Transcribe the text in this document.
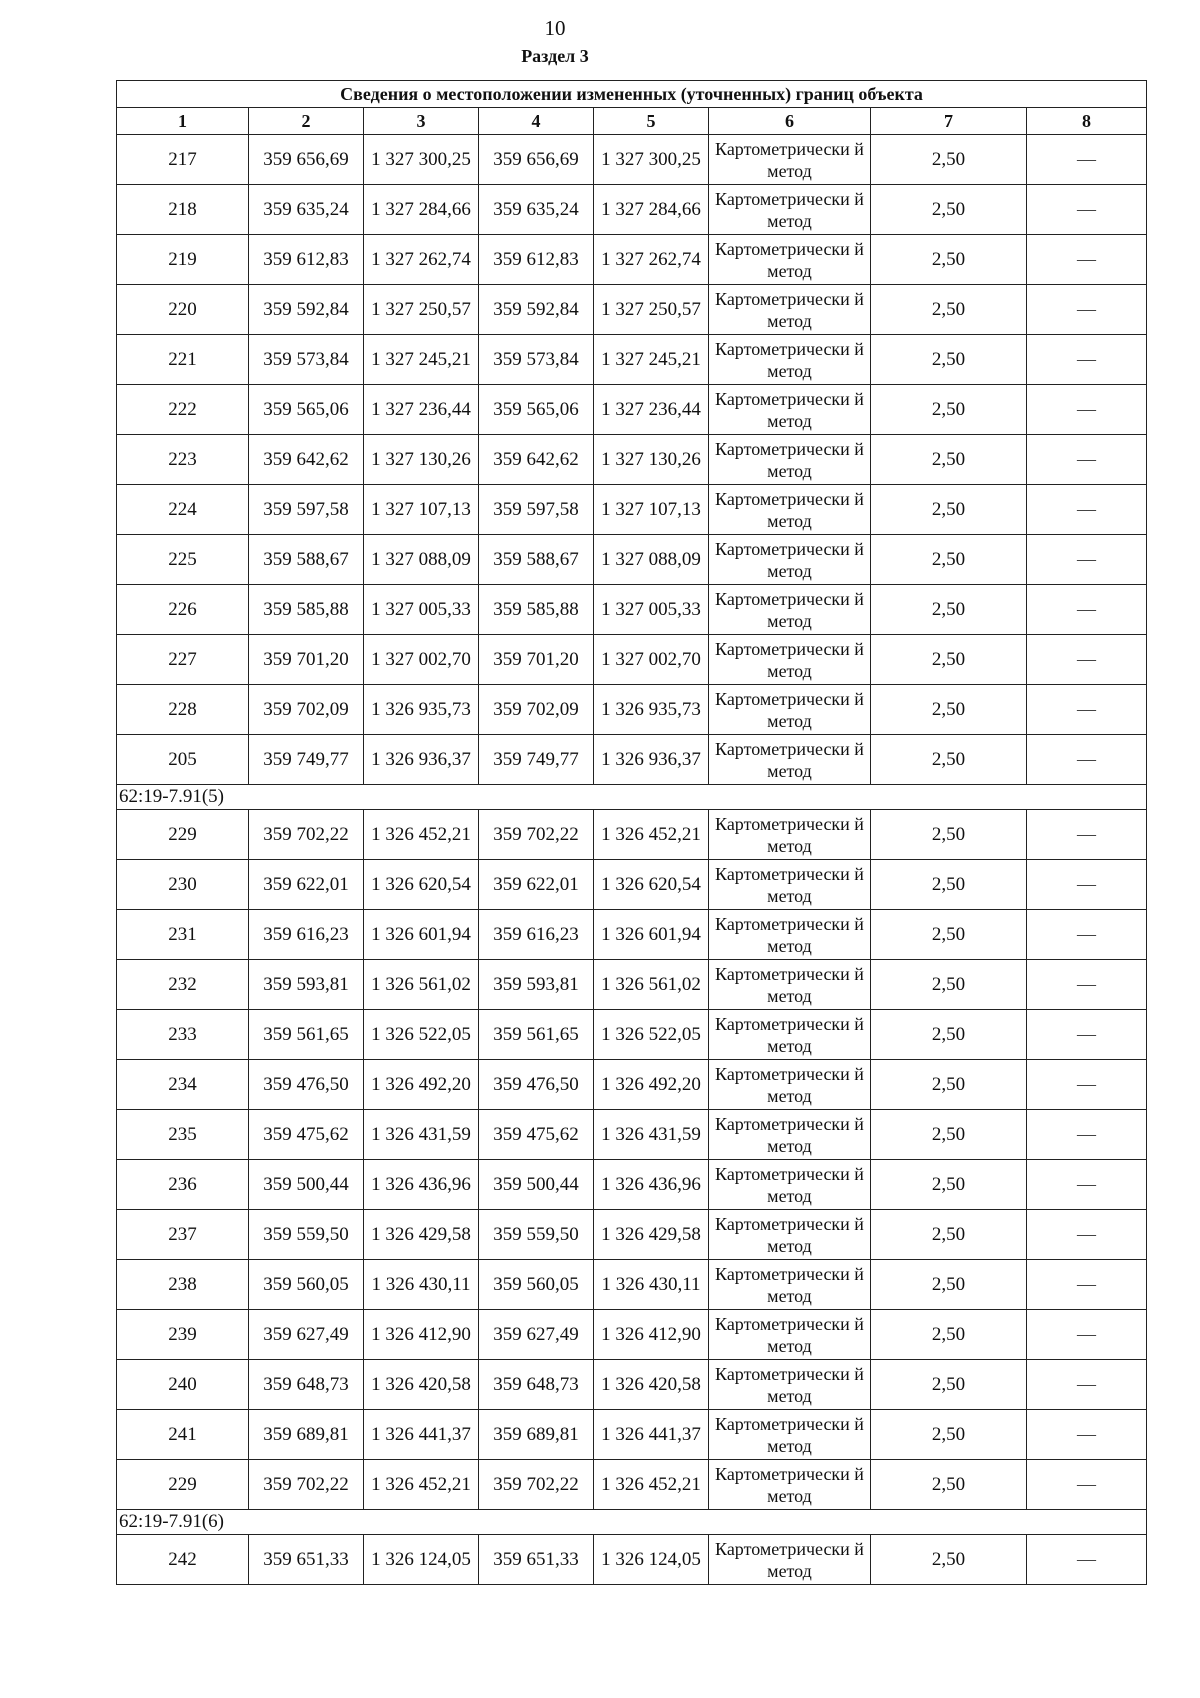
10
Раздел 3
Сведения о местоположении измененных (уточненных) границ объекта							
1	2	3	4	5	6	7	8
217	359 656,69	1 327 300,25	359 656,69	1 327 300,25	Картометрически й метод	2,50	—
218	359 635,24	1 327 284,66	359 635,24	1 327 284,66	Картометрически й метод	2,50	—
219	359 612,83	1 327 262,74	359 612,83	1 327 262,74	Картометрически й метод	2,50	—
220	359 592,84	1 327 250,57	359 592,84	1 327 250,57	Картометрически й метод	2,50	—
221	359 573,84	1 327 245,21	359 573,84	1 327 245,21	Картометрически й метод	2,50	—
222	359 565,06	1 327 236,44	359 565,06	1 327 236,44	Картометрически й метод	2,50	—
223	359 642,62	1 327 130,26	359 642,62	1 327 130,26	Картометрически й метод	2,50	—
224	359 597,58	1 327 107,13	359 597,58	1 327 107,13	Картометрически й метод	2,50	—
225	359 588,67	1 327 088,09	359 588,67	1 327 088,09	Картометрически й метод	2,50	—
226	359 585,88	1 327 005,33	359 585,88	1 327 005,33	Картометрически й метод	2,50	—
227	359 701,20	1 327 002,70	359 701,20	1 327 002,70	Картометрически й метод	2,50	—
228	359 702,09	1 326 935,73	359 702,09	1 326 935,73	Картометрически й метод	2,50	—
205	359 749,77	1 326 936,37	359 749,77	1 326 936,37	Картометрически й метод	2,50	—
62:19-7.91(5)							
229	359 702,22	1 326 452,21	359 702,22	1 326 452,21	Картометрически й метод	2,50	—
230	359 622,01	1 326 620,54	359 622,01	1 326 620,54	Картометрически й метод	2,50	—
231	359 616,23	1 326 601,94	359 616,23	1 326 601,94	Картометрически й метод	2,50	—
232	359 593,81	1 326 561,02	359 593,81	1 326 561,02	Картометрически й метод	2,50	—
233	359 561,65	1 326 522,05	359 561,65	1 326 522,05	Картометрически й метод	2,50	—
234	359 476,50	1 326 492,20	359 476,50	1 326 492,20	Картометрически й метод	2,50	—
235	359 475,62	1 326 431,59	359 475,62	1 326 431,59	Картометрически й метод	2,50	—
236	359 500,44	1 326 436,96	359 500,44	1 326 436,96	Картометрически й метод	2,50	—
237	359 559,50	1 326 429,58	359 559,50	1 326 429,58	Картометрически й метод	2,50	—
238	359 560,05	1 326 430,11	359 560,05	1 326 430,11	Картометрически й метод	2,50	—
239	359 627,49	1 326 412,90	359 627,49	1 326 412,90	Картометрически й метод	2,50	—
240	359 648,73	1 326 420,58	359 648,73	1 326 420,58	Картометрически й метод	2,50	—
241	359 689,81	1 326 441,37	359 689,81	1 326 441,37	Картометрически й метод	2,50	—
229	359 702,22	1 326 452,21	359 702,22	1 326 452,21	Картометрически й метод	2,50	—
62:19-7.91(6)							
242	359 651,33	1 326 124,05	359 651,33	1 326 124,05	Картометрически й метод	2,50	—
